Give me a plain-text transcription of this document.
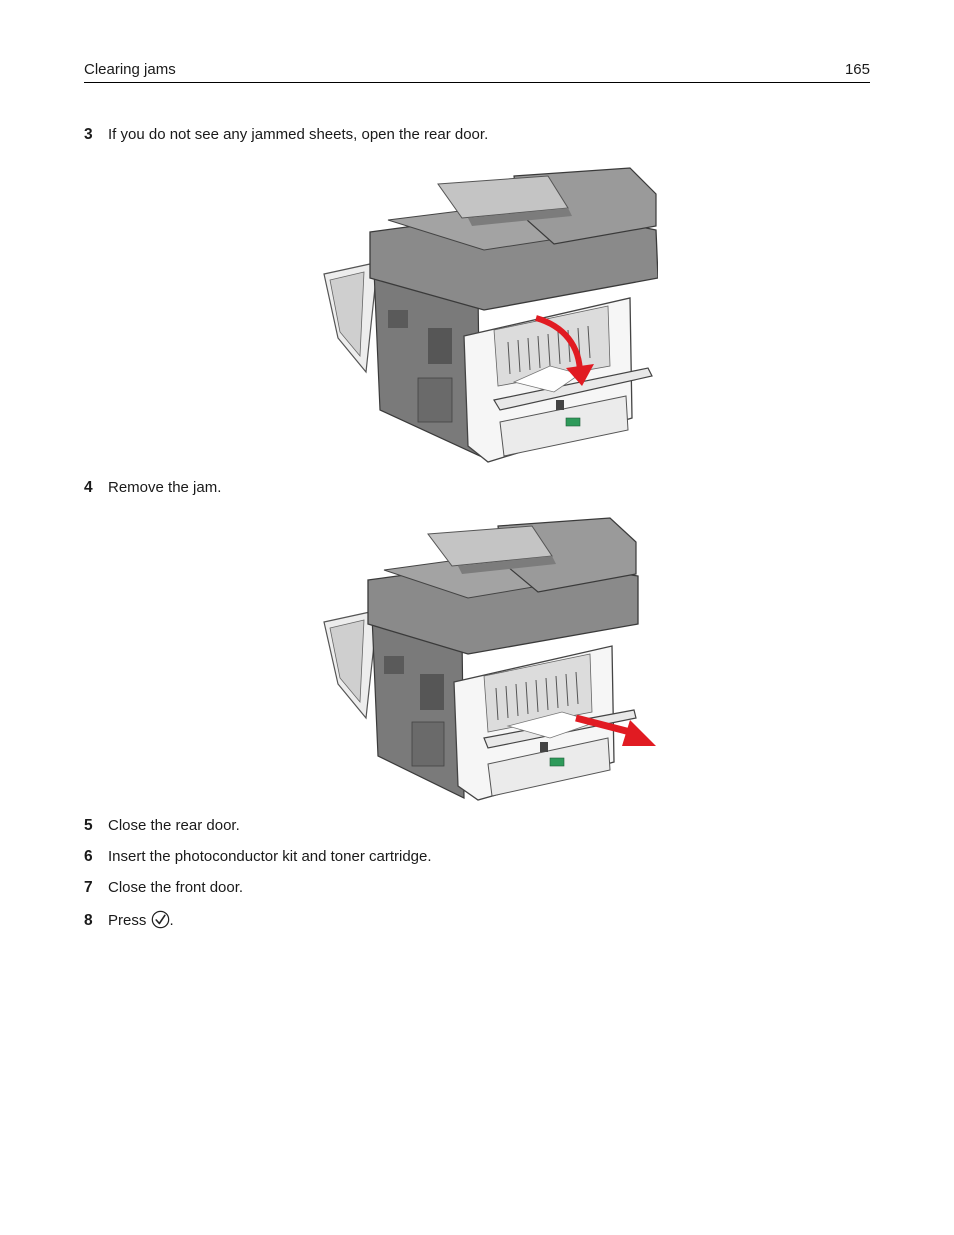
Clearing jams	165
3 If you do not see any jammed sheets, open the rear door.
4 Remove the jam.
5 Close the rear door.
6 Insert the photoconductor kit and toner cartridge.
7 Close the front door.
8 Press .
